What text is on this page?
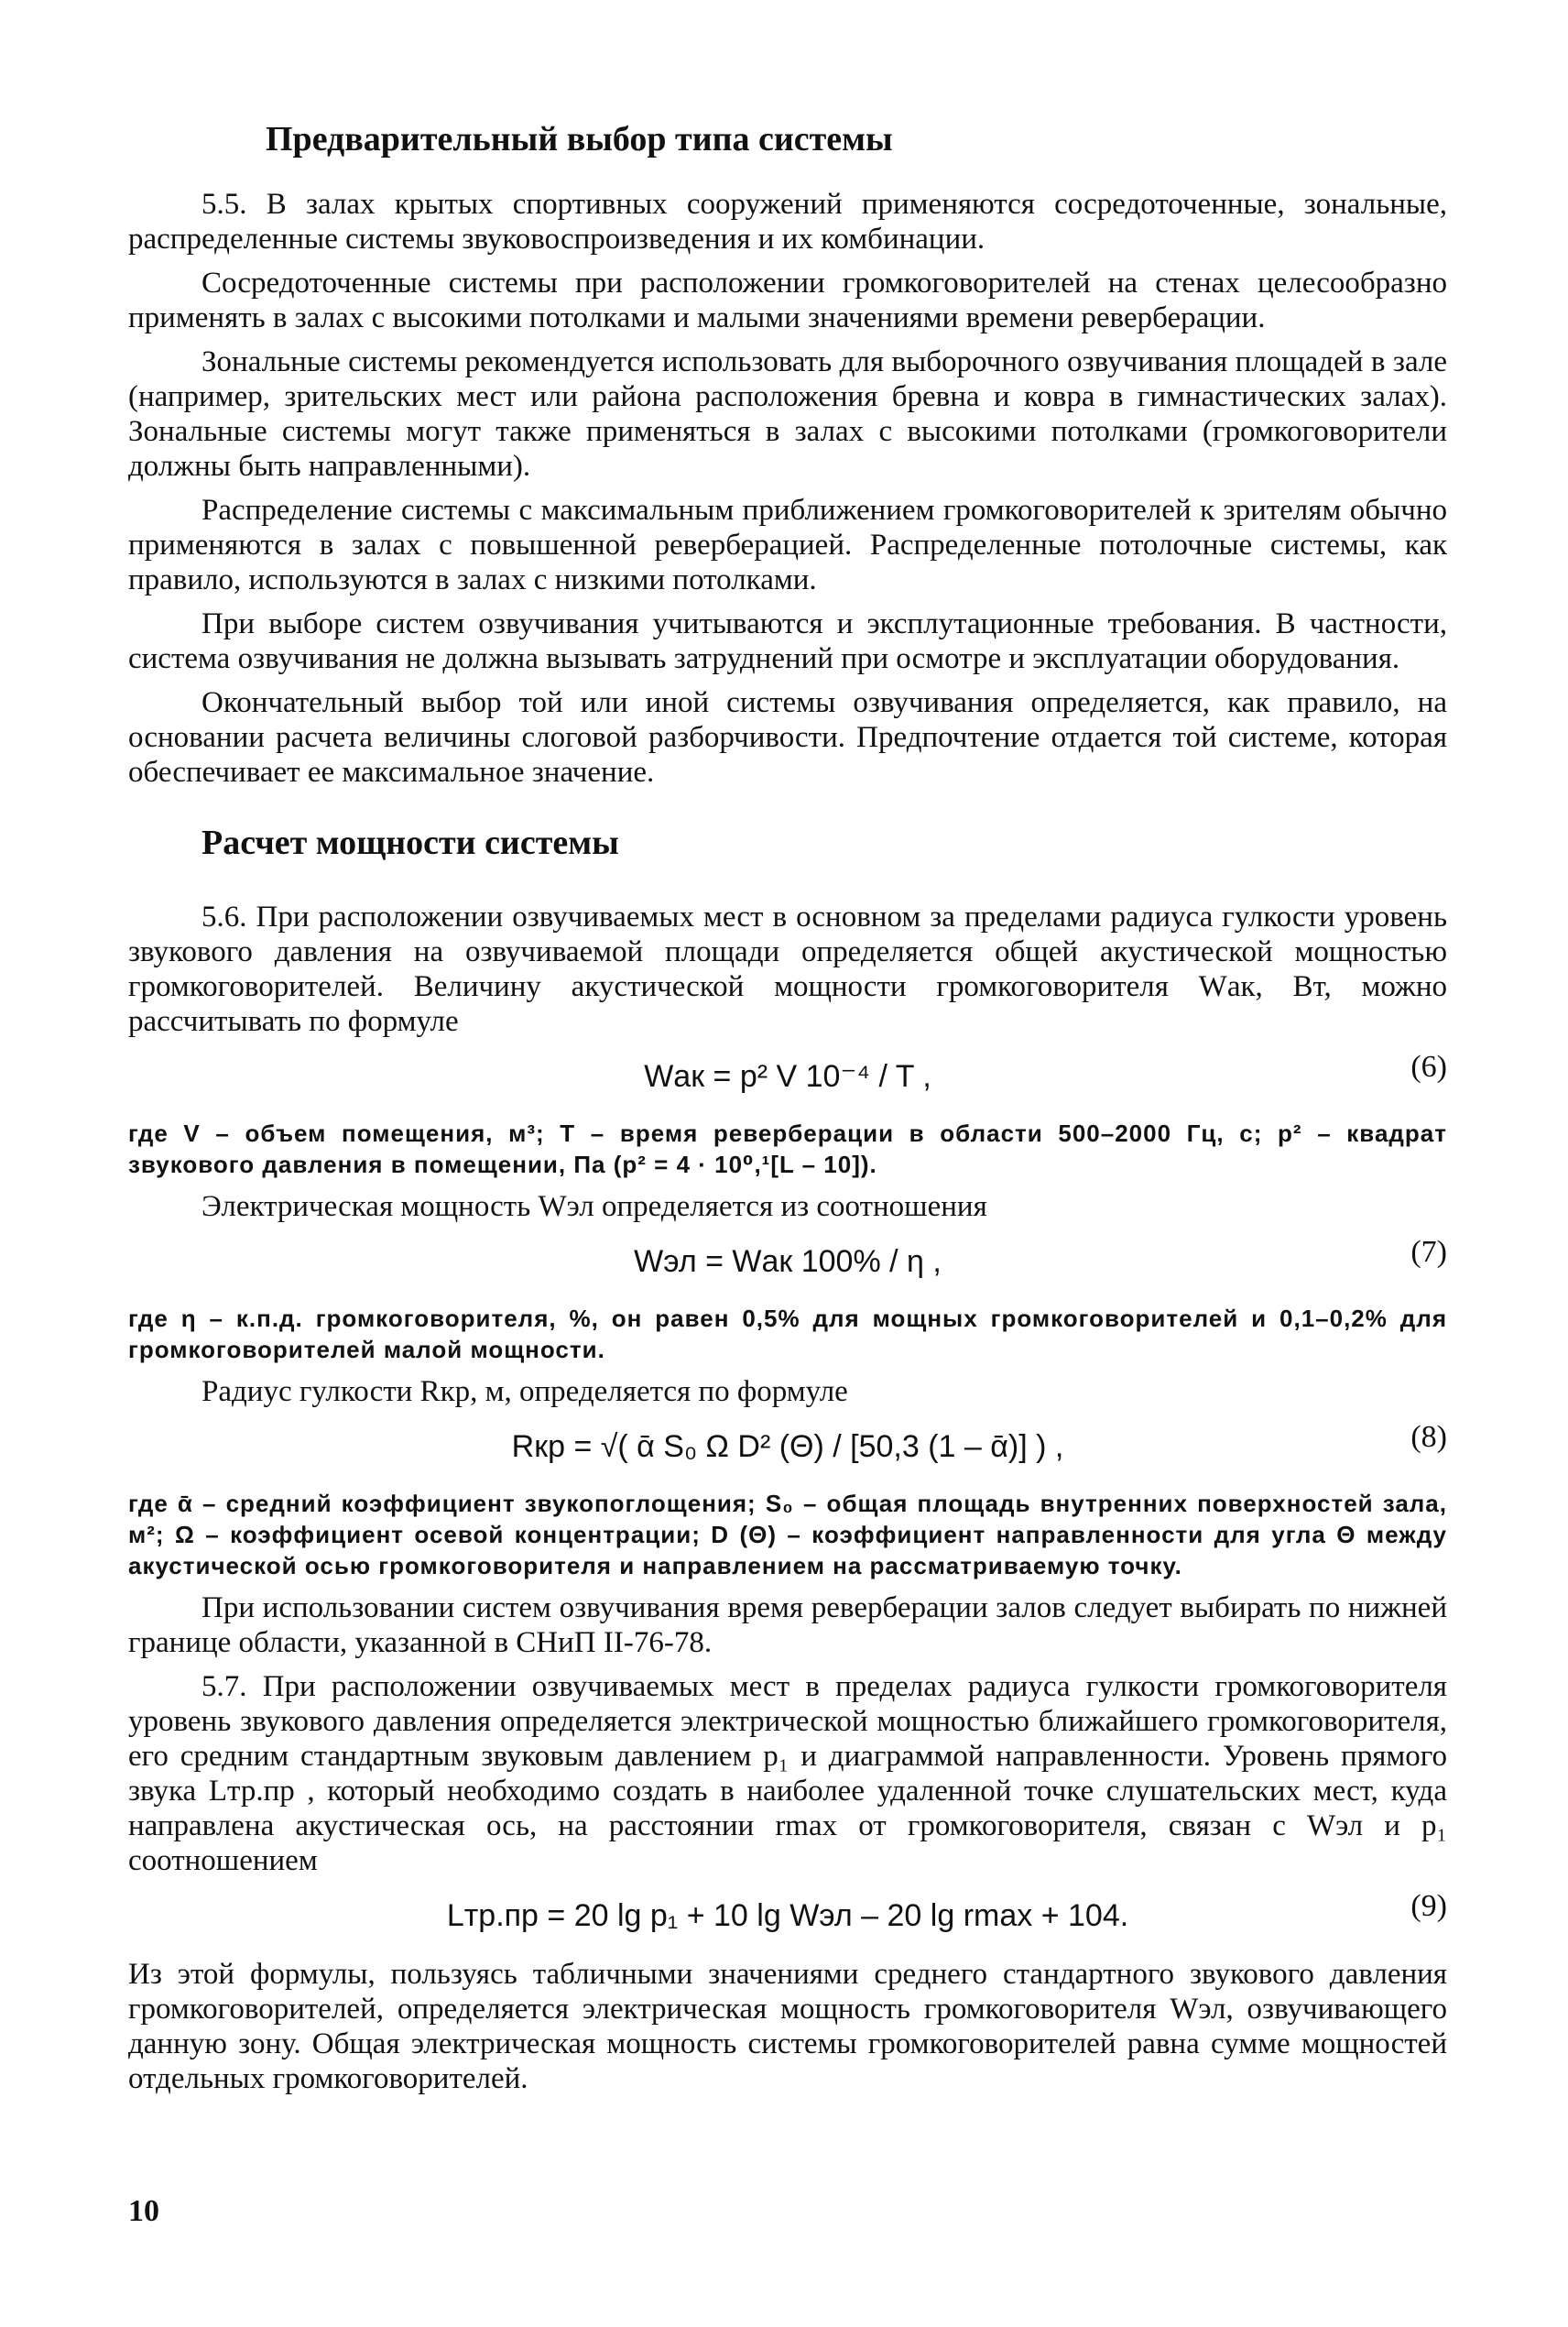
Предварительный выбор типа системы

5.5. В залах крытых спортивных сооружений применяются сосредоточенные, зональные, распределенные системы звуковоспроизведения и их комбинации.

Сосредоточенные системы при расположении громкоговорителей на стенах целесообразно применять в залах с высокими потолками и малыми значениями времени реверберации.

Зональные системы рекомендуется использовать для выборочного озвучивания площадей в зале (например, зрительских мест или района расположения бревна и ковра в гимнастических залах). Зональные системы могут также применяться в залах с высокими потолками (громкоговорители должны быть направленными).

Распределение системы с максимальным приближением громкоговорителей к зрителям обычно применяются в залах с повышенной реверберацией. Распределенные потолочные системы, как правило, используются в залах с низкими потолками.

При выборе систем озвучивания учитываются и эксплутационные требования. В частности, система озвучивания не должна вызывать затруднений при осмотре и эксплуатации оборудования.

Окончательный выбор той или иной системы озвучивания определяется, как правило, на основании расчета величины слоговой разборчивости. Предпочтение отдается той системе, которая обеспечивает ее максимальное значение.

Расчет мощности системы

5.6. При расположении озвучиваемых мест в основном за пределами радиуса гулкости уровень звукового давления на озвучиваемой площади определяется общей акустической мощностью громкоговорителей. Величину акустической мощности громкоговорителя Wак, Вт, можно рассчитывать по формуле

Wак = p² V 10⁻⁴ / T ,	(6)

где V – объем помещения, м³; T – время реверберации в области 500–2000 Гц, с; p² – квадрат звукового давления в помещении, Па (p² = 4 · 10⁰,¹[L – 10]).

Электрическая мощность Wэл определяется из соотношения

Wэл = Wак 100% / η ,	(7)

где η – к.п.д. громкоговорителя, %, он равен 0,5% для мощных громкоговорителей и 0,1–0,2% для громкоговорителей малой мощности.

Радиус гулкости Rкр, м, определяется по формуле

Rкр = √( ᾱ S₀ Ω D² (Θ) / [50,3 (1 – ᾱ)] ) ,	(8)

где ᾱ – средний коэффициент звукопоглощения; S₀ – общая площадь внутренних поверхностей зала, м²; Ω – коэффициент осевой концентрации; D (Θ) – коэффициент направленности для угла Θ между акустической осью громкоговорителя и направлением на рассматриваемую точку.

При использовании систем озвучивания время реверберации залов следует выбирать по нижней границе области, указанной в СНиП II-76-78.

5.7. При расположении озвучиваемых мест в пределах радиуса гулкости громкоговорителя уровень звукового давления определяется электрической мощностью ближайшего громкоговорителя, его средним стандартным звуковым давлением p₁ и диаграммой направленности. Уровень прямого звука Lтр.пр , который необходимо создать в наиболее удаленной точке слушательских мест, куда направлена акустическая ось, на расстоянии rmax от громкоговорителя, связан с Wэл и p₁ соотношением

Lтр.пр = 20 lg p₁ + 10 lg Wэл – 20 lg rmax + 104.	(9)

Из этой формулы, пользуясь табличными значениями среднего стандартного звукового давления громкоговорителей, определяется электрическая мощность громкоговорителя Wэл, озвучивающего данную зону. Общая электрическая мощность системы громкоговорителей равна сумме мощностей отдельных громкоговорителей.

10
